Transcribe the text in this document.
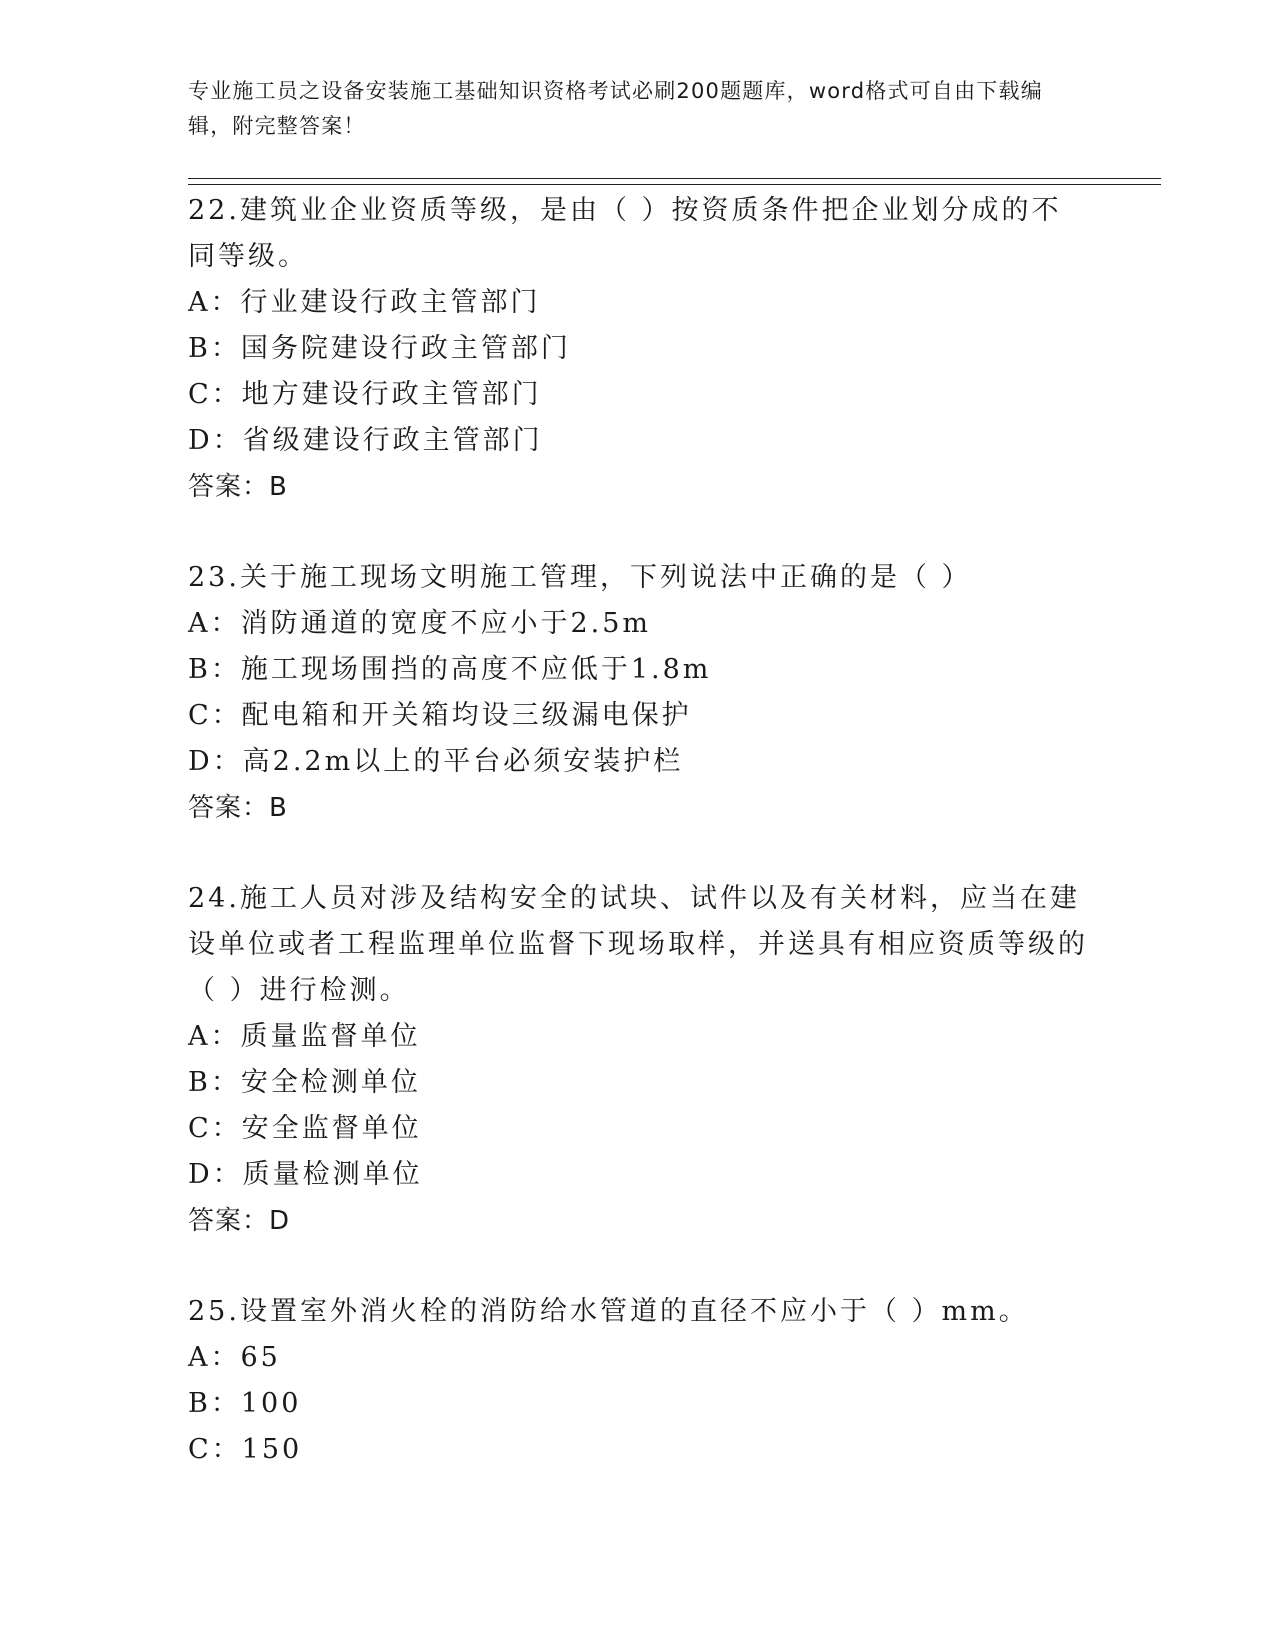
专业施工员之设备安装施工基础知识资格考试必刷200题题库，word格式可自由下载编辑，附完整答案！
22.建筑业企业资质等级，是由（ ）按资质条件把企业划分成的不同等级。
A：行业建设行政主管部门
B：国务院建设行政主管部门
C：地方建设行政主管部门
D：省级建设行政主管部门
答案：B
23.关于施工现场文明施工管理，下列说法中正确的是（ ）
A：消防通道的宽度不应小于2.5m
B：施工现场围挡的高度不应低于1.8m
C：配电箱和开关箱均设三级漏电保护
D：高2.2m以上的平台必须安装护栏
答案：B
24.施工人员对涉及结构安全的试块、试件以及有关材料，应当在建设单位或者工程监理单位监督下现场取样，并送具有相应资质等级的（ ）进行检测。
A：质量监督单位
B：安全检测单位
C：安全监督单位
D：质量检测单位
答案：D
25.设置室外消火栓的消防给水管道的直径不应小于（ ）mm。
A：65
B：100
C：150
